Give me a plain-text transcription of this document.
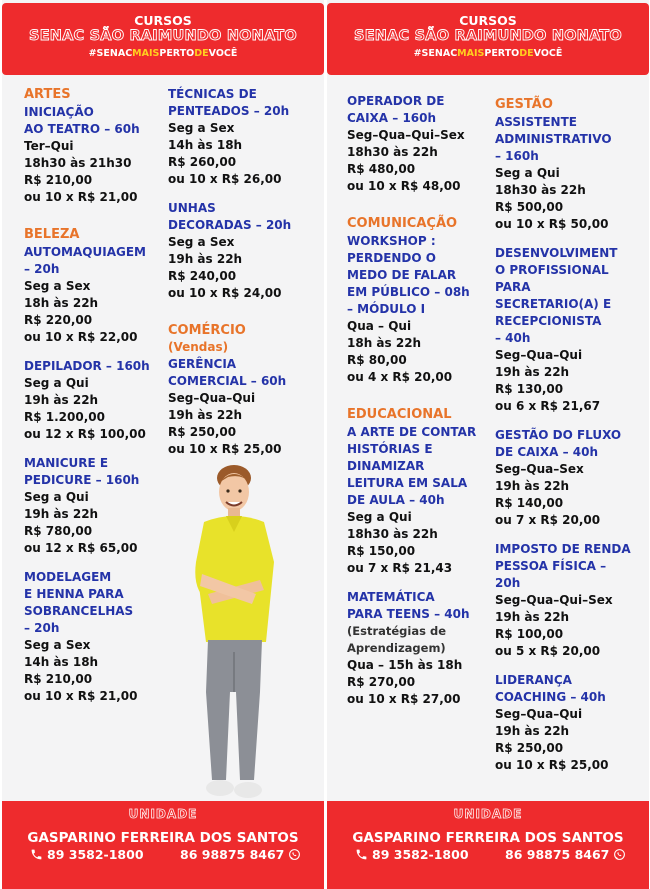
CURSOS
SENAC SÃO RAIMUNDO NONATO
#SENACMAISPERTODEVOCÊ
ARTES
INICIAÇÃO
AO TEATRO – 60h
Ter–Qui
18h30 às 21h30
R$ 210,00
ou 10 x R$ 21,00
BELEZA
AUTOMAQUIAGEM
– 20h
Seg a Sex
18h às 22h
R$ 220,00
ou 10 x R$ 22,00
DEPILADOR – 160h
Seg a Qui
19h às 22h
R$ 1.200,00
ou 12 x R$ 100,00
MANICURE E
PEDICURE – 160h
Seg a Qui
19h às 22h
R$ 780,00
ou 12 x R$ 65,00
MODELAGEM
E HENNA PARA
SOBRANCELHAS
– 20h
Seg a Sex
14h às 18h
R$ 210,00
ou 10 x R$ 21,00
TÉCNICAS DE
PENTEADOS – 20h
Seg a Sex
14h às 18h
R$ 260,00
ou 10 x R$ 26,00
UNHAS
DECORADAS – 20h
Seg a Sex
19h às 22h
R$ 240,00
ou 10 x R$ 24,00
COMÉRCIO
(Vendas)
GERÊNCIA
COMERCIAL – 60h
Seg–Qua–Qui
19h às 22h
R$ 250,00
ou 10 x R$ 25,00
UNIDADE
GASPARINO FERREIRA DOS SANTOS
89 3582-1800	86 98875 8467
CURSOS
SENAC SÃO RAIMUNDO NONATO
#SENACMAISPERTODEVOCÊ
OPERADOR DE
CAIXA – 160h
Seg–Qua–Qui–Sex
18h30 às 22h
R$ 480,00
ou 10 x R$ 48,00
COMUNICAÇÃO
WORKSHOP :
PERDENDO O
MEDO DE FALAR
EM PÚBLICO – 08h
– MÓDULO I
Qua – Qui
18h às 22h
R$ 80,00
ou 4 x R$ 20,00
EDUCACIONAL
A ARTE DE CONTAR
HISTÓRIAS E
DINAMIZAR
LEITURA EM SALA
DE AULA – 40h
Seg a Qui
18h30 às 22h
R$ 150,00
ou 7 x R$ 21,43
MATEMÁTICA
PARA TEENS – 40h
(Estratégias de
Aprendizagem)
Qua – 15h às 18h
R$ 270,00
ou 10 x R$ 27,00
GESTÃO
ASSISTENTE
ADMINISTRATIVO
– 160h
Seg a Qui
18h30 às 22h
R$ 500,00
ou 10 x R$ 50,00
DESENVOLVIMENT
O PROFISSIONAL
PARA
SECRETARIO(A) E
RECEPCIONISTA
– 40h
Seg–Qua–Qui
19h às 22h
R$ 130,00
ou 6 x R$ 21,67
GESTÃO DO FLUXO
DE CAIXA – 40h
Seg–Qua–Sex
19h às 22h
R$ 140,00
ou 7 x R$ 20,00
IMPOSTO DE RENDA
PESSOA FÍSICA –
20h
Seg–Qua–Qui–Sex
19h às 22h
R$ 100,00
ou 5 x R$ 20,00
LIDERANÇA
COACHING – 40h
Seg–Qua–Qui
19h às 22h
R$ 250,00
ou 10 x R$ 25,00
UNIDADE
GASPARINO FERREIRA DOS SANTOS
89 3582-1800	86 98875 8467
